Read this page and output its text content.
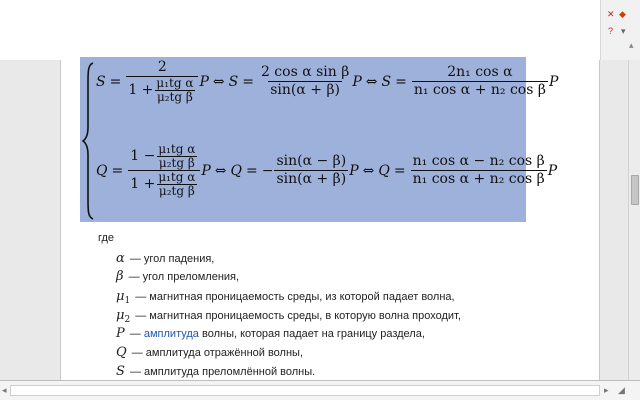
✕ ◆
? ▾
▴
$S = \frac{2}{1 + \frac{\text{μ₁tg α}}{\text{μ₂tg β}}}$ P ⇔ $S = \frac{\text{2 cos α sin β}}{\sin(\alpha + \beta)}$ P ⇔ $S = \frac{\text{2n₁ cos α}}{\text{n₁ cos α + n₂ cos β}}$ P
$Q = \frac{1 - \frac{\text{μ₁tg α}}{\text{μ₂tg β}}}{1 + \frac{\text{μ₁tg α}}{\text{μ₂tg β}}}$ P ⇔ Q = − $\frac{\sin(\alpha - \beta)}{\sin(\alpha + \beta)}$ P ⇔ $Q = \frac{\text{n₁ cos α − n₂ cos β}}{\text{n₁ cos α + n₂ cos β}}$ P
где
α — угол падения,
β — угол преломления,
$\mu_1$ — магнитная проницаемость среды, из которой падает волна,
$\mu_2$ — магнитная проницаемость среды, в которую волна проходит,
P — амплитуда волны, которая падает на границу раздела,
Q — амплитуда отражённой волны,
S — амплитуда преломлённой волны.
◂	▸ ◢
